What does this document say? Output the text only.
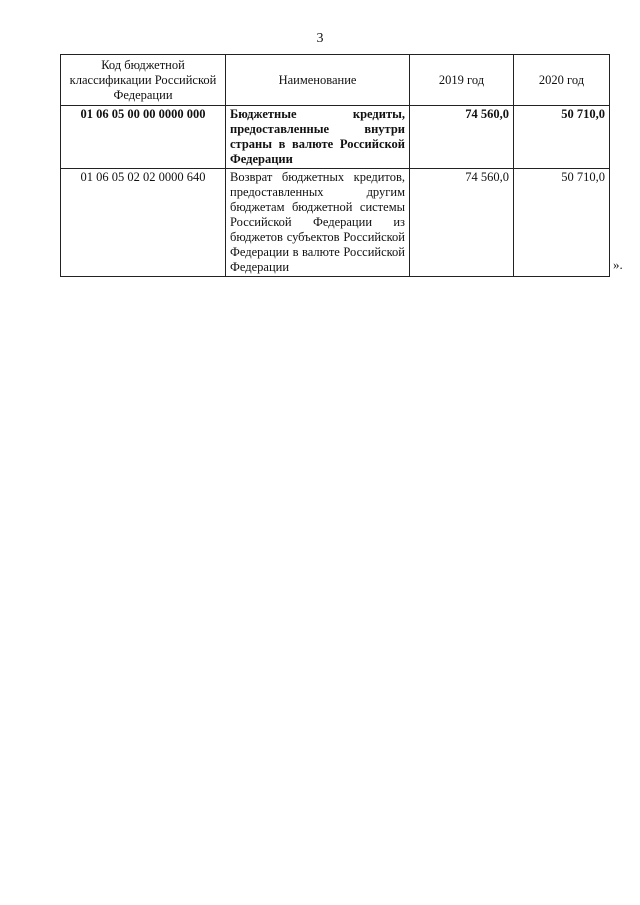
3
Код бюджетной классификации Российской Федерации	Наименование	2019 год	2020 год
01 06 05 00 00 0000 000	Бюджетные кредиты, предоставленные внутри страны в валюте Российской Федерации	74 560,0	50 710,0
01 06 05 02 02 0000 640	Возврат бюджетных кредитов, предоставленных другим бюджетам бюджетной системы Российской Федерации из бюджетов субъектов Российской Федерации в валюте Российской Федерации	74 560,0	50 710,0
».
